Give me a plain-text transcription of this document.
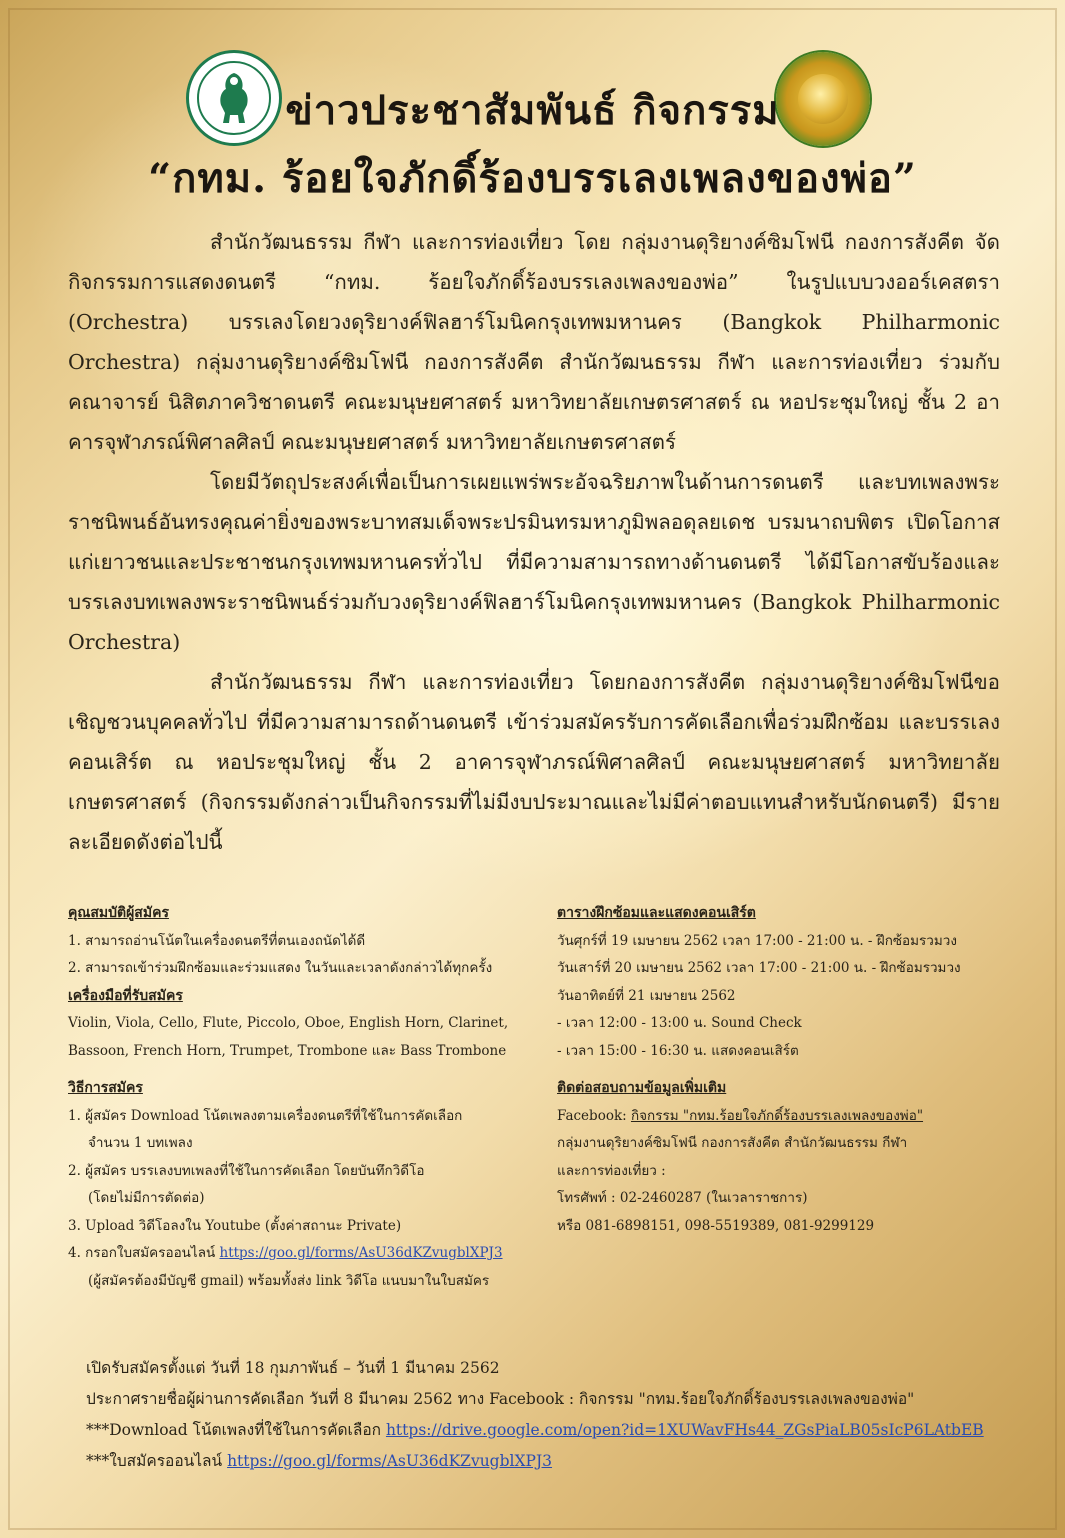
ข่าวประชาสัมพันธ์ กิจกรรม
“กทม. ร้อยใจภักดิ์ร้องบรรเลงเพลงของพ่อ”

สำนักวัฒนธรรม กีฬา และการท่องเที่ยว โดย กลุ่มงานดุริยางค์ซิมโฟนี กองการสังคีต จัดกิจกรรมการแสดงดนตรี “กทม. ร้อยใจภักดิ์ร้องบรรเลงเพลงของพ่อ” ในรูปแบบวงออร์เคสตรา (Orchestra) บรรเลงโดยวงดุริยางค์ฟิลฮาร์โมนิคกรุงเทพมหานคร (Bangkok Philharmonic Orchestra) กลุ่มงานดุริยางค์ซิมโฟนี กองการสังคีต สำนักวัฒนธรรม กีฬา และการท่องเที่ยว ร่วมกับคณาจารย์ นิสิตภาควิชาดนตรี คณะมนุษยศาสตร์ มหาวิทยาลัยเกษตรศาสตร์ ณ หอประชุมใหญ่ ชั้น 2 อาคารจุฬาภรณ์พิศาลศิลป์ คณะมนุษยศาสตร์ มหาวิทยาลัยเกษตรศาสตร์

โดยมีวัตถุประสงค์เพื่อเป็นการเผยแพร่พระอัจฉริยภาพในด้านการดนตรี และบทเพลงพระราชนิพนธ์อันทรงคุณค่ายิ่งของพระบาทสมเด็จพระปรมินทรมหาภูมิพลอดุลยเดช บรมนาถบพิตร เปิดโอกาสแก่เยาวชนและประชาชนกรุงเทพมหานครทั่วไป ที่มีความสามารถทางด้านดนตรี ได้มีโอกาสขับร้องและบรรเลงบทเพลงพระราชนิพนธ์ร่วมกับวงดุริยางค์ฟิลฮาร์โมนิคกรุงเทพมหานคร (Bangkok Philharmonic Orchestra)

สำนักวัฒนธรรม กีฬา และการท่องเที่ยว โดยกองการสังคีต กลุ่มงานดุริยางค์ซิมโฟนีขอเชิญชวนบุคคลทั่วไป ที่มีความสามารถด้านดนตรี เข้าร่วมสมัครรับการคัดเลือกเพื่อร่วมฝึกซ้อม และบรรเลงคอนเสิร์ต ณ หอประชุมใหญ่ ชั้น 2 อาคารจุฬาภรณ์พิศาลศิลป์ คณะมนุษยศาสตร์ มหาวิทยาลัยเกษตรศาสตร์ (กิจกรรมดังกล่าวเป็นกิจกรรมที่ไม่มีงบประมาณและไม่มีค่าตอบแทนสำหรับนักดนตรี) มีรายละเอียดดังต่อไปนี้

คุณสมบัติผู้สมัคร
1. สามารถอ่านโน้ตในเครื่องดนตรีที่ตนเองถนัดได้ดี
2. สามารถเข้าร่วมฝึกซ้อมและร่วมแสดง ในวันและเวลาดังกล่าวได้ทุกครั้ง
เครื่องมือที่รับสมัคร
Violin, Viola, Cello, Flute, Piccolo, Oboe, English Horn, Clarinet,
Bassoon, French Horn, Trumpet, Trombone และ Bass Trombone
วิธีการสมัคร
1. ผู้สมัคร Download โน้ตเพลงตามเครื่องดนตรีที่ใช้ในการคัดเลือก
จำนวน 1 บทเพลง
2. ผู้สมัคร บรรเลงบทเพลงที่ใช้ในการคัดเลือก โดยบันทึกวิดีโอ
(โดยไม่มีการตัดต่อ)
3. Upload วิดีโอลงใน Youtube (ตั้งค่าสถานะ Private)
4. กรอกใบสมัครออนไลน์ https://goo.gl/forms/AsU36dKZvugblXPJ3
(ผู้สมัครต้องมีบัญชี gmail) พร้อมทั้งส่ง link วิดีโอ แนบมาในใบสมัคร
ตารางฝึกซ้อมและแสดงคอนเสิร์ต
วันศุกร์ที่ 19 เมษายน 2562 เวลา 17:00 - 21:00 น. - ฝึกซ้อมรวมวง
วันเสาร์ที่ 20 เมษายน 2562 เวลา 17:00 - 21:00 น. - ฝึกซ้อมรวมวง
วันอาทิตย์ที่ 21 เมษายน 2562
- เวลา 12:00 - 13:00 น. Sound Check
- เวลา 15:00 - 16:30 น. แสดงคอนเสิร์ต
ติดต่อสอบถามข้อมูลเพิ่มเติม
Facebook: กิจกรรม "กทม.ร้อยใจภักดิ์ร้องบรรเลงเพลงของพ่อ"
กลุ่มงานดุริยางค์ซิมโฟนี กองการสังคีต สำนักวัฒนธรรม กีฬา
และการท่องเที่ยว :
โทรศัพท์ : 02-2460287 (ในเวลาราชการ)
หรือ 081-6898151, 098-5519389, 081-9299129
เปิดรับสมัครตั้งแต่ วันที่ 18 กุมภาพันธ์ – วันที่ 1 มีนาคม 2562
ประกาศรายชื่อผู้ผ่านการคัดเลือก วันที่ 8 มีนาคม 2562 ทาง Facebook : กิจกรรม "กทม.ร้อยใจภักดิ์ร้องบรรเลงเพลงของพ่อ"
***Download โน้ตเพลงที่ใช้ในการคัดเลือก https://drive.google.com/open?id=1XUWavFHs44_ZGsPiaLB05sIcP6LAtbEB
***ใบสมัครออนไลน์ https://goo.gl/forms/AsU36dKZvugblXPJ3
